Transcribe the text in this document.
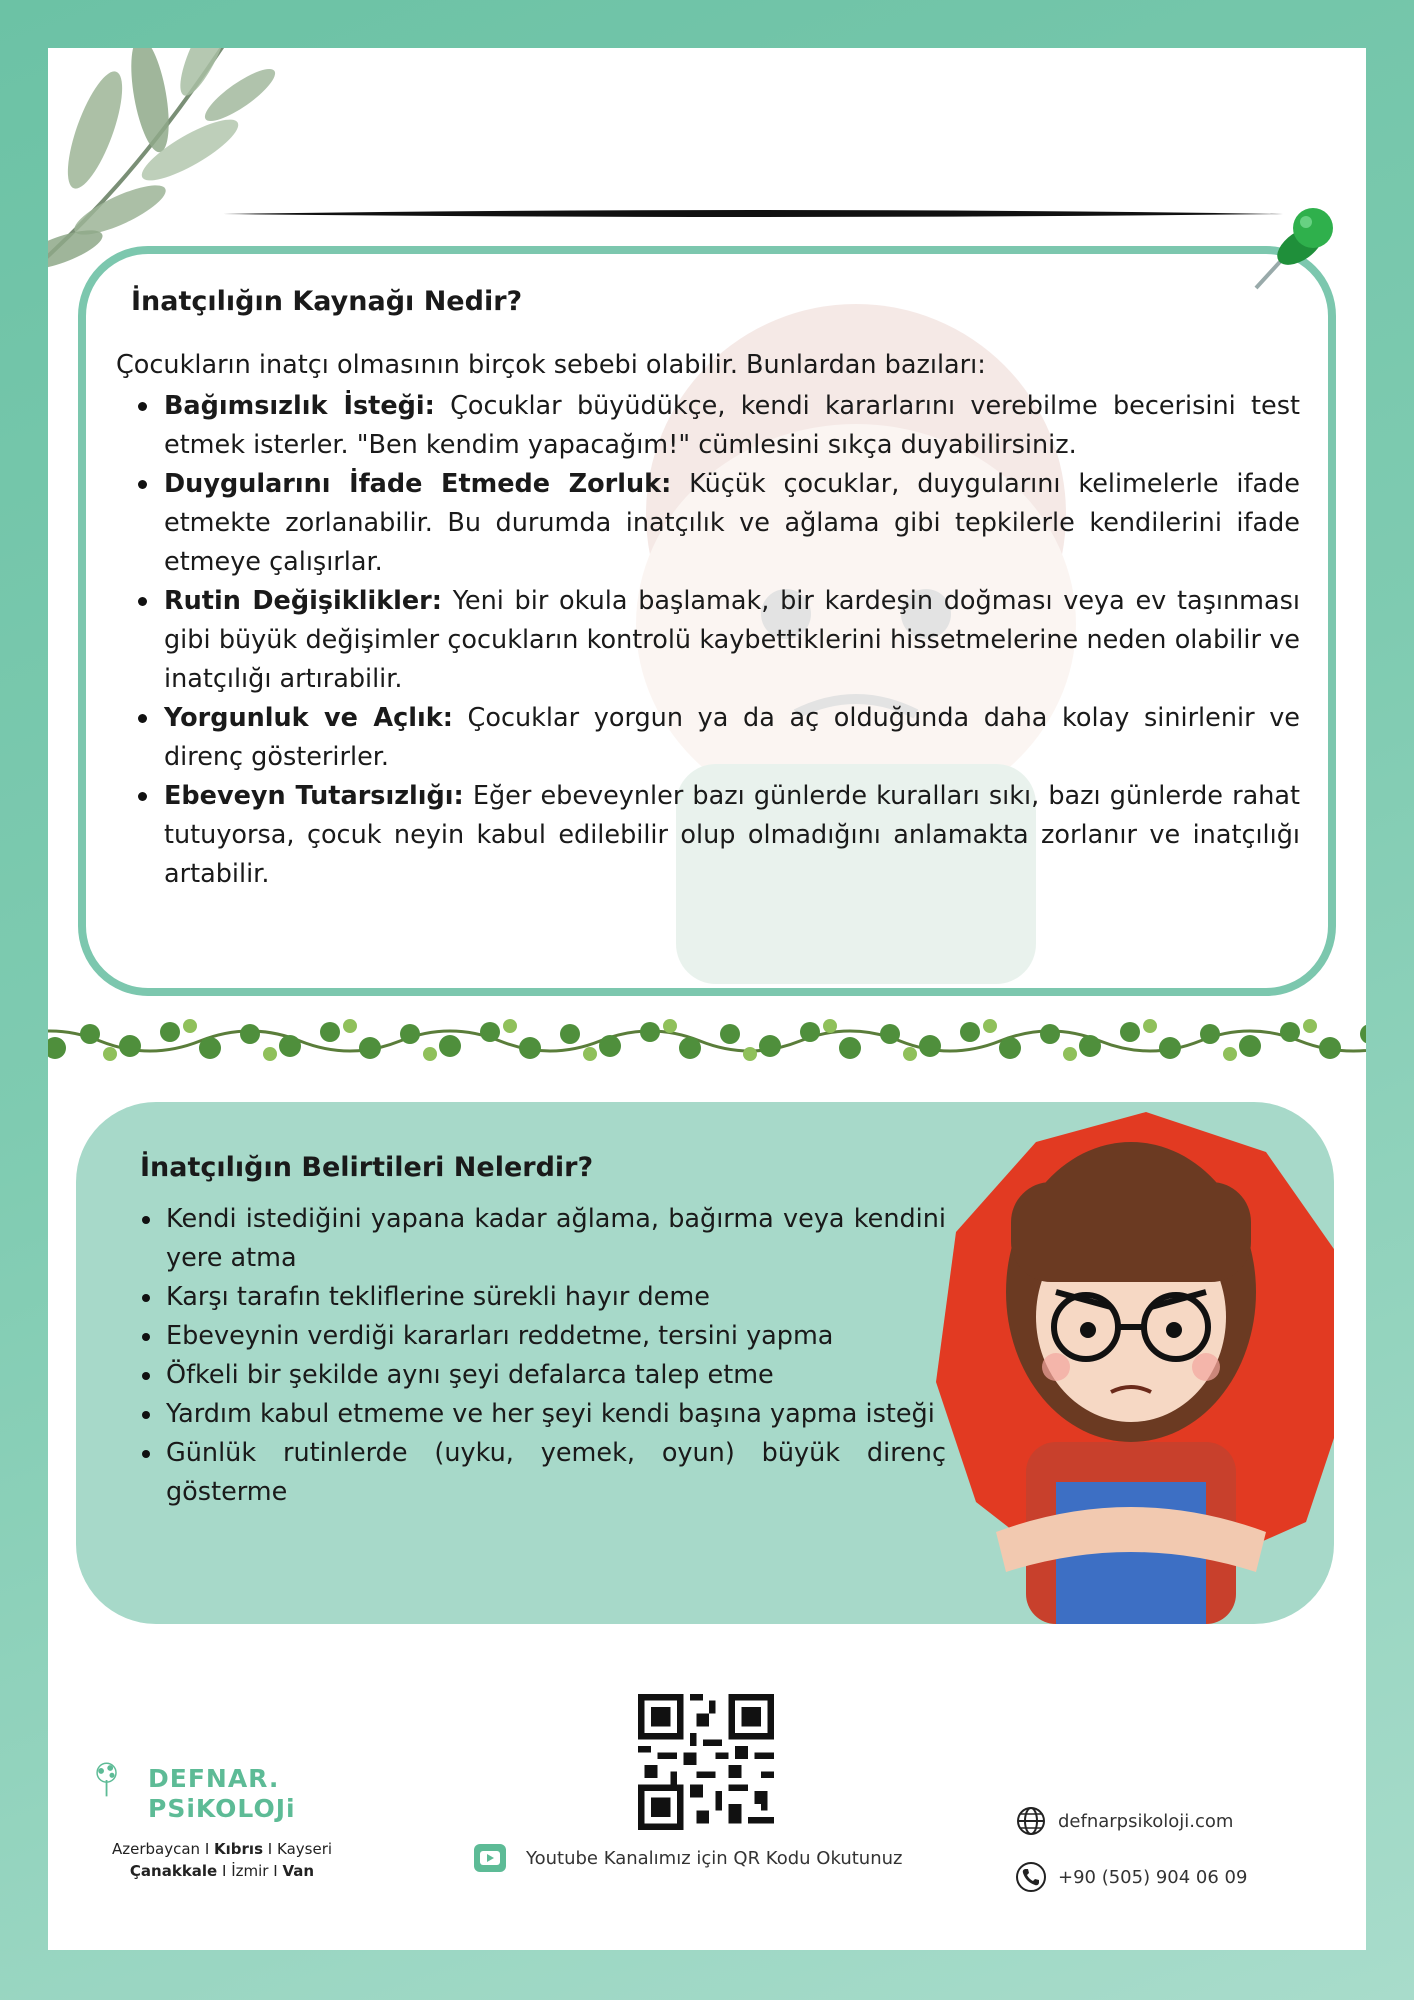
İnatçılığın Kaynağı Nedir?
Çocukların inatçı olmasının birçok sebebi olabilir. Bunlardan bazıları:
Bağımsızlık İsteği: Çocuklar büyüdükçe, kendi kararlarını verebilme becerisini test etmek isterler. "Ben kendim yapacağım!" cümlesini sıkça duyabilirsiniz.
Duygularını İfade Etmede Zorluk: Küçük çocuklar, duygularını kelimelerle ifade etmekte zorlanabilir. Bu durumda inatçılık ve ağlama gibi tepkilerle kendilerini ifade etmeye çalışırlar.
Rutin Değişiklikler: Yeni bir okula başlamak, bir kardeşin doğması veya ev taşınması gibi büyük değişimler çocukların kontrolü kaybettiklerini hissetmelerine neden olabilir ve inatçılığı artırabilir.
Yorgunluk ve Açlık: Çocuklar yorgun ya da aç olduğunda daha kolay sinirlenir ve direnç gösterirler.
Ebeveyn Tutarsızlığı: Eğer ebeveynler bazı günlerde kuralları sıkı, bazı günlerde rahat tutuyorsa, çocuk neyin kabul edilebilir olup olmadığını anlamakta zorlanır ve inatçılığı artabilir.
İnatçılığın Belirtileri Nelerdir?
Kendi istediğini yapana kadar ağlama, bağırma veya kendini yere atma
Karşı tarafın tekliflerine sürekli hayır deme
Ebeveynin verdiği kararları reddetme, tersini yapma
Öfkeli bir şekilde aynı şeyi defalarca talep etme
Yardım kabul etmeme ve her şeyi kendi başına yapma isteği
Günlük rutinlerde (uyku, yemek, oyun) büyük direnç gösterme
DEFNAR.
PSiKOLOJi
Azerbaycan I Kıbrıs I Kayseri
Çanakkale I İzmir I Van
Youtube Kanalımız için QR Kodu Okutunuz
defnarpsikoloji.com
+90 (505) 904 06 09
